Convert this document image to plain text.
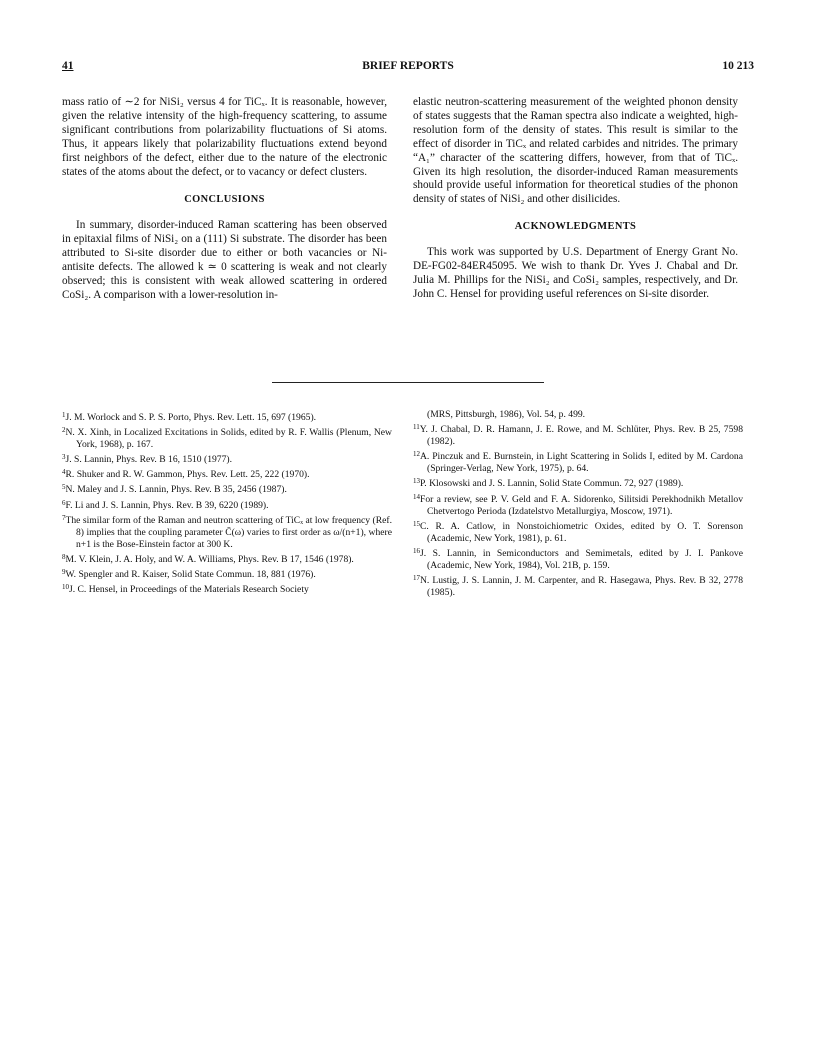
41	BRIEF REPORTS	10 213

mass ratio of ∼2 for NiSi₂ versus 4 for TiCₓ. It is reasonable, however, given the relative intensity of the high-frequency scattering, to assume significant contributions from polarizability fluctuations of Si atoms. Thus, it appears likely that polarizability fluctuations extend beyond first neighbors of the defect, either due to the nature of the electronic states of the atoms about the defect, or to vacancy or defect clusters.

CONCLUSIONS

In summary, disorder-induced Raman scattering has been observed in epitaxial films of NiSi₂ on a (111) Si substrate. The disorder has been attributed to Si-site disorder due to either or both vacancies or Ni-antisite defects. The allowed k ≃ 0 scattering is weak and not clearly observed; this is consistent with weak allowed scattering in ordered CoSi₂. A comparison with a lower-resolution in-

elastic neutron-scattering measurement of the weighted phonon density of states suggests that the Raman spectra also indicate a weighted, high-resolution form of the density of states. This result is similar to the effect of disorder in TiCₓ and related carbides and nitrides. The primary “A₁” character of the scattering differs, however, from that of TiCₓ. Given its high resolution, the disorder-induced Raman measurements should provide useful information for theoretical studies of the phonon density of states of NiSi₂ and other disilicides.

ACKNOWLEDGMENTS

This work was supported by U.S. Department of Energy Grant No. DE-FG02-84ER45095. We wish to thank Dr. Yves J. Chabal and Dr. Julia M. Phillips for the NiSi₂ and CoSi₂ samples, respectively, and Dr. John C. Hensel for providing useful references on Si-site disorder.

$^1$J. M. Worlock and S. P. S. Porto, Phys. Rev. Lett. 15, 697 (1965).

$^2$N. X. Xinh, in Localized Excitations in Solids, edited by R. F. Wallis (Plenum, New York, 1968), p. 167.

$^3$J. S. Lannin, Phys. Rev. B 16, 1510 (1977).

$^4$R. Shuker and R. W. Gammon, Phys. Rev. Lett. 25, 222 (1970).

$^5$N. Maley and J. S. Lannin, Phys. Rev. B 35, 2456 (1987).

$^6$F. Li and J. S. Lannin, Phys. Rev. B 39, 6220 (1989).

$^7$The similar form of the Raman and neutron scattering of TiCₓ at low frequency (Ref. 8) implies that the coupling parameter C̄(ω) varies to first order as ω/(n+1), where n+1 is the Bose-Einstein factor at 300 K.

$^8$M. V. Klein, J. A. Holy, and W. A. Williams, Phys. Rev. B 17, 1546 (1978).

$^9$W. Spengler and R. Kaiser, Solid State Commun. 18, 881 (1976).

$^{10}$J. C. Hensel, in Proceedings of the Materials Research Society

(MRS, Pittsburgh, 1986), Vol. 54, p. 499.

$^{11}$Y. J. Chabal, D. R. Hamann, J. E. Rowe, and M. Schlüter, Phys. Rev. B 25, 7598 (1982).

$^{12}$A. Pinczuk and E. Burnstein, in Light Scattering in Solids I, edited by M. Cardona (Springer-Verlag, New York, 1975), p. 64.

$^{13}$P. Klosowski and J. S. Lannin, Solid State Commun. 72, 927 (1989).

$^{14}$For a review, see P. V. Geld and F. A. Sidorenko, Silitsidi Perekhodnikh Metallov Chetvertogo Perioda (Izdatelstvo Metallurgiya, Moscow, 1971).

$^{15}$C. R. A. Catlow, in Nonstoichiometric Oxides, edited by O. T. Sorenson (Academic, New York, 1981), p. 61.

$^{16}$J. S. Lannin, in Semiconductors and Semimetals, edited by J. I. Pankove (Academic, New York, 1984), Vol. 21B, p. 159.

$^{17}$N. Lustig, J. S. Lannin, J. M. Carpenter, and R. Hasegawa, Phys. Rev. B 32, 2778 (1985).
